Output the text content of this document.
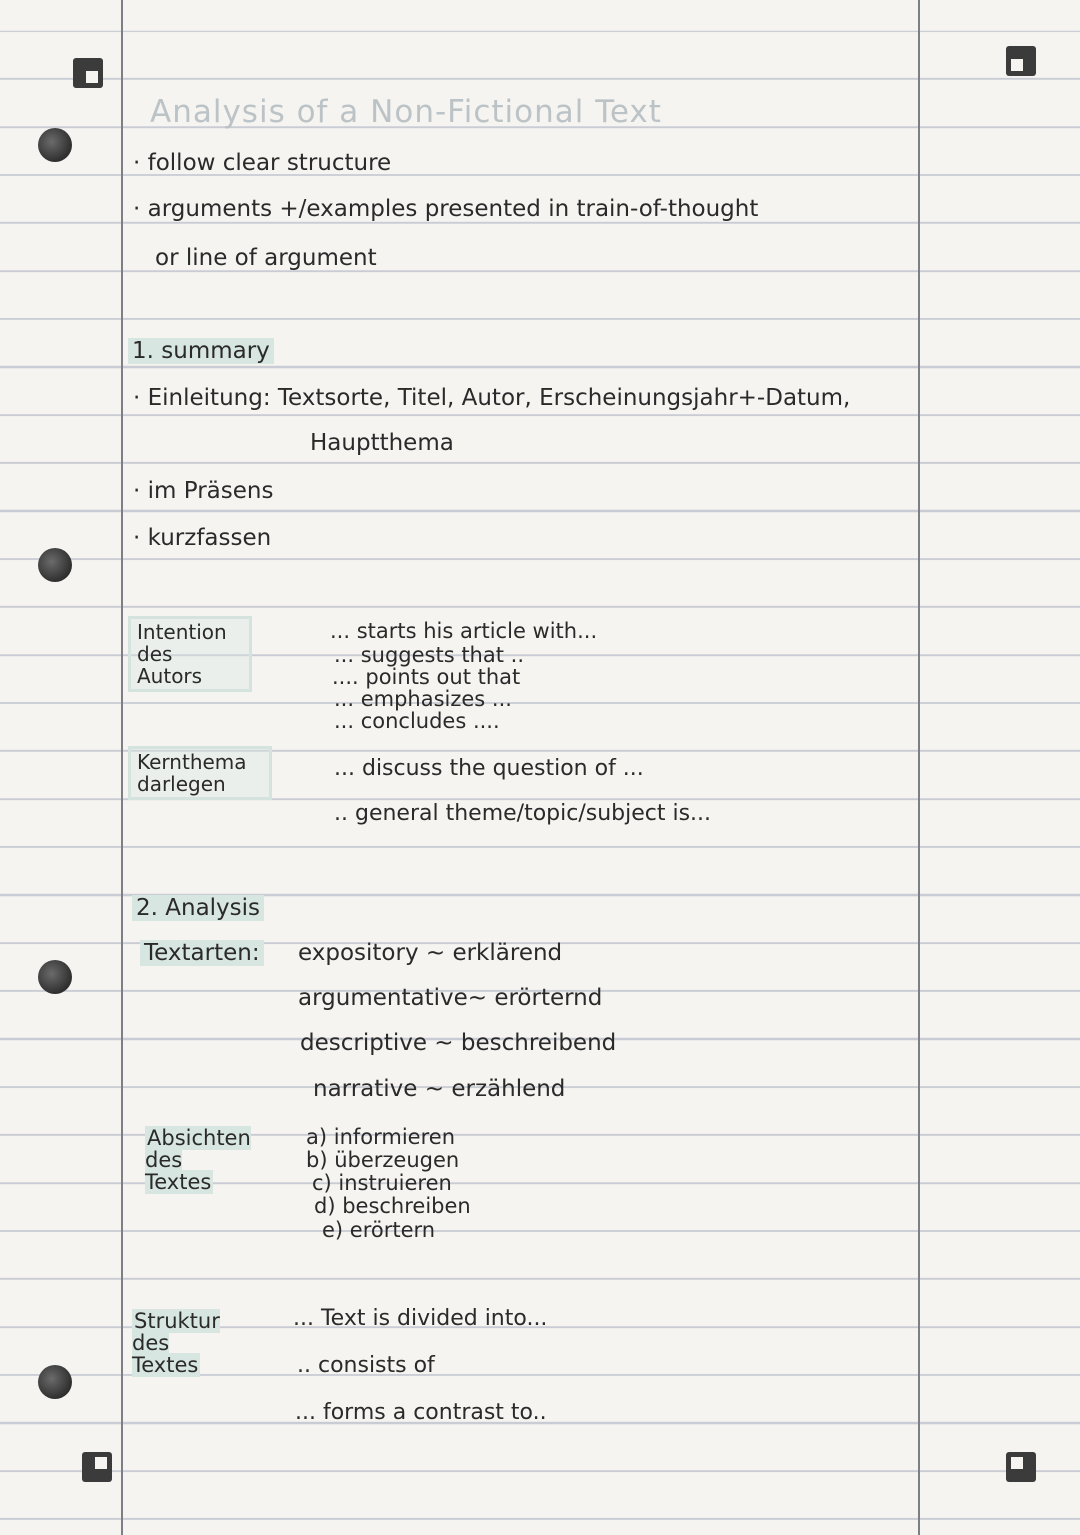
Analysis of a Non-Fictional Text
· follow clear structure
· arguments +/examples presented in train-of-thought
or line of argument
1. summary
· Einleitung: Textsorte, Titel, Autor, Erscheinungsjahr+-Datum,
Hauptthema
· im Präsens
· kurzfassen
Intention
des
Autors
... starts his article with...
... suggests that ..
.... points out that
... emphasizes ...
... concludes ....
Kernthema
darlegen
... discuss the question of ...
.. general theme/topic/subject is...
2. Analysis
Textarten: expository ~ erklärend
argumentative~ erörternd
descriptive ~ beschreibend
narrative ~ erzählend
Absichten
des
Textes
a) informieren
b) überzeugen
c) instruieren
d) beschreiben
e) erörtern
Struktur
des
Textes
... Text is divided into...
.. consists of
... forms a contrast to..
